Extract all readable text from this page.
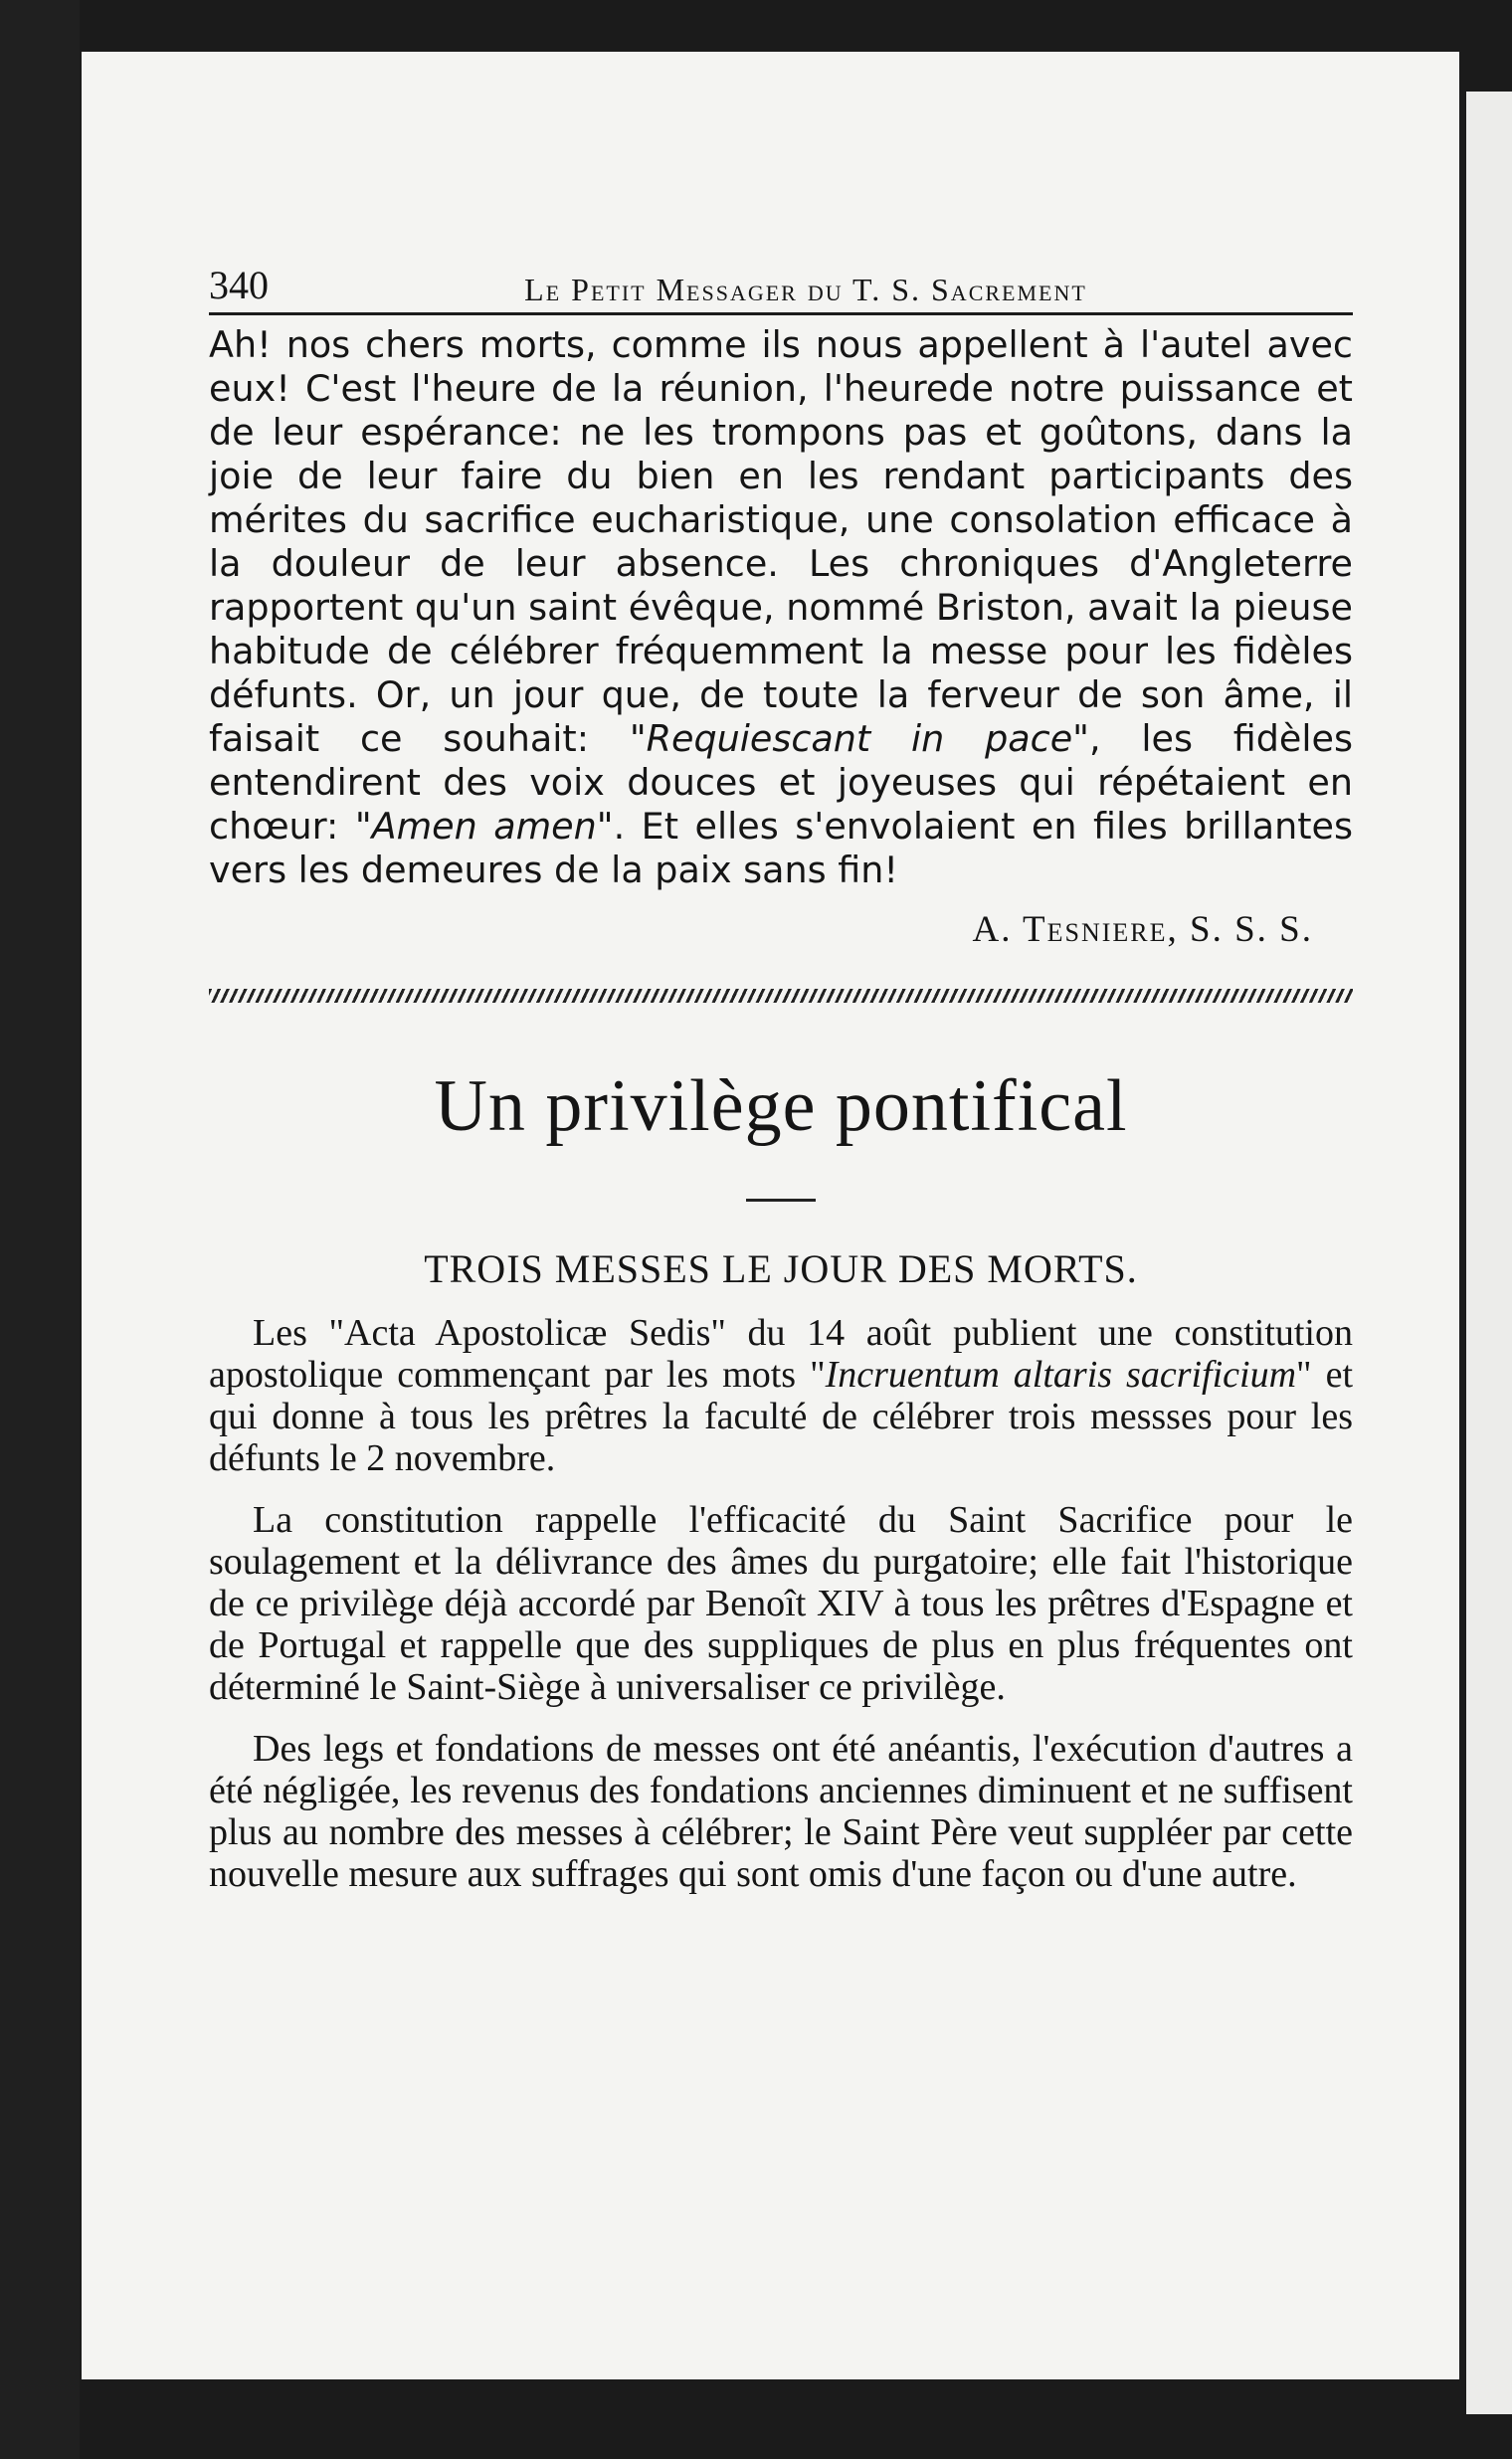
340	Le Petit Messager du T. S. Sacrement

Ah! nos chers morts, comme ils nous appellent à l'autel avec eux! C'est l'heure de la réunion, l'heurede notre puissance et de leur espérance: ne les trompons pas et goûtons, dans la joie de leur faire du bien en les rendant participants des mérites du sacrifice eucharistique, une consolation efficace à la douleur de leur absence. Les chroniques d'Angleterre rapportent qu'un saint évêque, nommé Briston, avait la pieuse habitude de célébrer fréquemment la messe pour les fidèles défunts. Or, un jour que, de toute la ferveur de son âme, il faisait ce souhait: "Requiescant in pace", les fidèles entendirent des voix douces et joyeuses qui répétaient en chœur: "Amen amen". Et elles s'envolaient en files brillantes vers les demeures de la paix sans fin!

A. Tesniere, S. S. S.
Un privilège pontifical
TROIS MESSES LE JOUR DES MORTS.

Les "Acta Apostolicæ Sedis" du 14 août publient une constitution apostolique commençant par les mots "Incruentum altaris sacrificium" et qui donne à tous les prêtres la faculté de célébrer trois messses pour les défunts le 2 novembre.

La constitution rappelle l'efficacité du Saint Sacrifice pour le soulagement et la délivrance des âmes du purgatoire; elle fait l'historique de ce privilège déjà accordé par Benoît XIV à tous les prêtres d'Espagne et de Portugal et rappelle que des suppliques de plus en plus fréquentes ont déterminé le Saint-Siège à universaliser ce privilège.

Des legs et fondations de messes ont été anéantis, l'exécution d'autres a été négligée, les revenus des fondations anciennes diminuent et ne suffisent plus au nombre des messes à célébrer; le Saint Père veut suppléer par cette nouvelle mesure aux suffrages qui sont omis d'une façon ou d'une autre.
